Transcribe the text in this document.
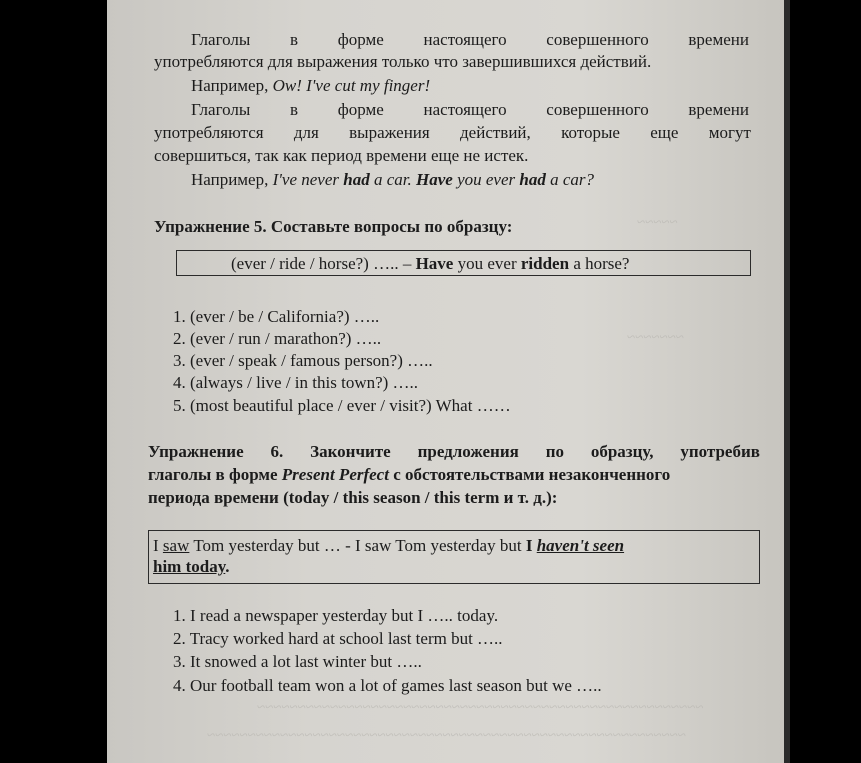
~~~~~
~~~~~~~
~~~~~~~~~~~~~~~~~~~~~~~~~~~~~~~~~~~~~~~~~~~~~~~~~~~~~~~
~~~~~~~~~~~~~~~~~~~~~~~~~~~~~~~~~~~~~~~~~~~~~~~~~~~~~~~~~~~
Глаголы в форме настоящего совершенного времени
употребляются для выражения только что завершившихся действий.
Например, Ow! I've cut my finger!
Глаголы в форме настоящего совершенного времени
употребляются для выражения действий, которые еще могут
совершиться, так как период времени еще не истек.
Например, I've never had a car. Have you ever had a car?
Упражнение 5. Составьте вопросы по образцу:
(ever / ride / horse?) ….. – Have you ever ridden a horse?
1. (ever / be / California?) …..
2. (ever / run / marathon?) …..
3. (ever / speak / famous person?) …..
4. (always / live / in this town?) …..
5. (most beautiful place / ever / visit?) What ……
Упражнение 6. Закончите предложения по образцу, употребив
глаголы в форме Present Perfect с обстоятельствами незаконченного
периода времени (today / this season / this term и т. д.):
I saw Tom yesterday but … - I saw Tom yesterday but I haven't seen
him today.
1. I read a newspaper yesterday but I ….. today.
2. Tracy worked hard at school last term but …..
3. It snowed a lot last winter but …..
4. Our football team won a lot of games last season but we …..
